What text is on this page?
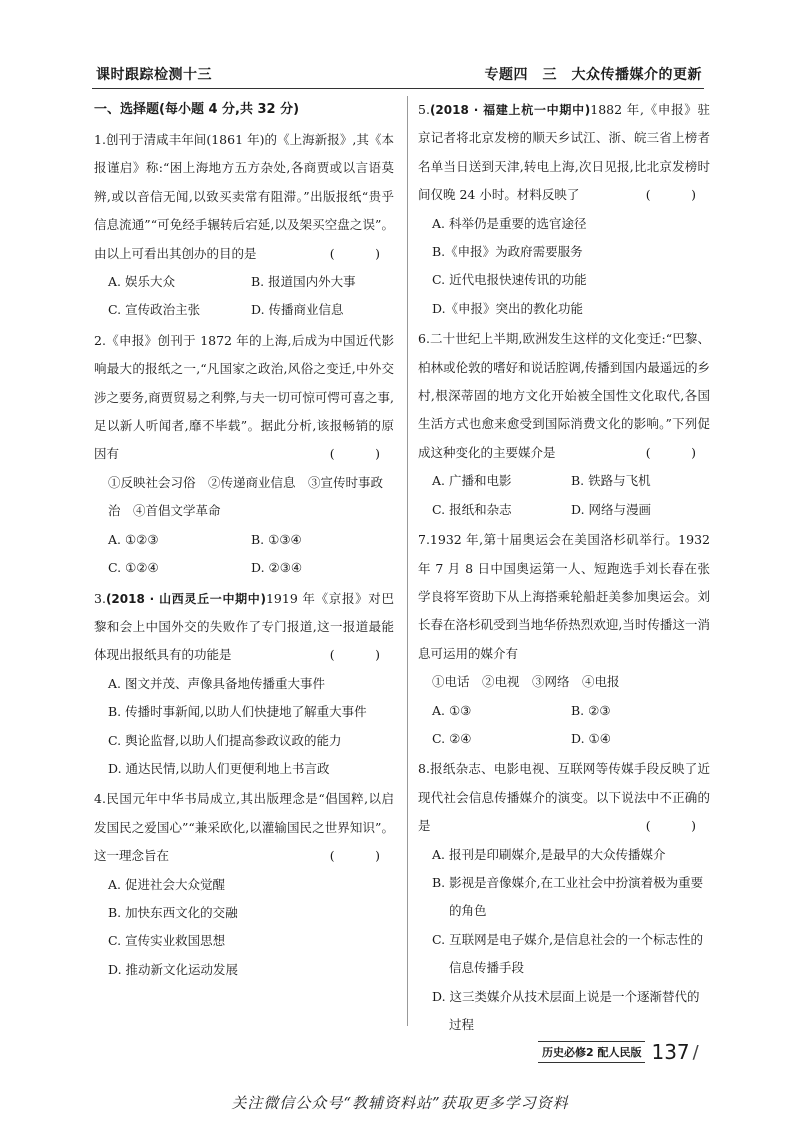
课时跟踪检测十三	专题四　三　大众传播媒介的更新
一、选择题(每小题 4 分,共 32 分)
1.创刊于清咸丰年间(1861 年)的《上海新报》,其《本报谨启》称:“困上海地方五方杂处,各商贾或以言语莫辨,或以音信无闻,以致买卖常有阻滞。”出版报纸“贵乎信息流通”“可免经手辗转后宕延,以及架买空盘之误”。由以上可看出其创办的目的是	(　)
A. 娱乐大众	B. 报道国内外大事
C. 宣传政治主张	D. 传播商业信息
2.《申报》创刊于 1872 年的上海,后成为中国近代影响最大的报纸之一,“凡国家之政治,风俗之变迁,中外交涉之要务,商贾贸易之利弊,与夫一切可惊可愕可喜之事,足以新人听闻者,靡不毕载”。据此分析,该报畅销的原因有	(　)
①反映社会习俗　②传递商业信息　③宣传时事政治　④首倡文学革命
A. ①②③	B. ①③④
C. ①②④	D. ②③④
3.(2018 · 山西灵丘一中期中)1919 年《京报》对巴黎和会上中国外交的失败作了专门报道,这一报道最能体现出报纸具有的功能是	(　)
A. 图文并茂、声像具备地传播重大事件
B. 传播时事新闻,以助人们快捷地了解重大事件
C. 舆论监督,以助人们提高参政议政的能力
D. 通达民情,以助人们更便利地上书言政
4.民国元年中华书局成立,其出版理念是“倡国粹,以启发国民之爱国心”“兼采欧化,以灌输国民之世界知识”。这一理念旨在	(　)
A. 促进社会大众觉醒
B. 加快东西文化的交融
C. 宣传实业救国思想
D. 推动新文化运动发展
5.(2018 · 福建上杭一中期中)1882 年,《申报》驻京记者将北京发榜的顺天乡试江、浙、皖三省上榜者名单当日送到天津,转电上海,次日见报,比北京发榜时间仅晚 24 小时。材料反映了	(　)
A. 科举仍是重要的选官途径
B.《申报》为政府需要服务
C. 近代电报快速传讯的功能
D.《申报》突出的教化功能
6.二十世纪上半期,欧洲发生这样的文化变迁:“巴黎、柏林或伦敦的嗜好和说话腔调,传播到国内最遥远的乡村,根深蒂固的地方文化开始被全国性文化取代,各国生活方式也愈来愈受到国际消费文化的影响。”下列促成这种变化的主要媒介是	(　)
A. 广播和电影	B. 铁路与飞机
C. 报纸和杂志	D. 网络与漫画
7.1932 年,第十届奥运会在美国洛杉矶举行。1932 年 7 月 8 日中国奥运第一人、短跑选手刘长春在张学良将军资助下从上海搭乘轮船赶美参加奥运会。刘长春在洛杉矶受到当地华侨热烈欢迎,当时传播这一消息可运用的媒介有
①电话　②电视　③网络　④电报
A. ①③	B. ②③
C. ②④	D. ①④
8.报纸杂志、电影电视、互联网等传媒手段反映了近现代社会信息传播媒介的演变。以下说法中不正确的是	(　)
A. 报刊是印刷媒介,是最早的大众传播媒介
B. 影视是音像媒介,在工业社会中扮演着极为重要
的角色
C. 互联网是电子媒介,是信息社会的一个标志性的
信息传播手段
D. 这三类媒介从技术层面上说是一个逐渐替代的
过程
历史必修2 配人民版 137 /
关注微信公众号“教辅资料站”获取更多学习资料
